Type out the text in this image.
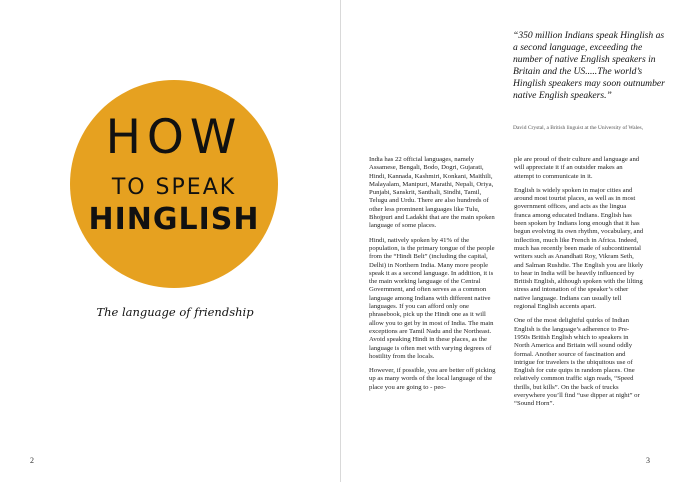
HOW
TO SPEAK
HINGLISH
The language of friendship
2

“350 million Indians speak Hinglish as a second language, exceeding the number of native English speakers in Britain and the US.....The world’s Hinglish speakers may soon outnumber native English speakers.”

David Crystal, a British linguist at the University of Wales,

India has 22 official languages, namely Assamese, Bengali, Bodo, Dogri, Gujarati, Hindi, Kannada, Kashmiri, Konkani, Maithili, Malayalam, Manipuri, Marathi, Nepali, Oriya, Punjabi, Sanskrit, Santhali, Sindhi, Tamil, Telugu and Urdu. There are also hundreds of other less prominent languages like Tulu, Bhojpuri and Ladakhi that are the main spoken language of some places.

Hindi, natively spoken by 41% of the population, is the primary tongue of the people from the “Hindi Belt” (including the capital, Delhi) in Northern India. Many more people speak it as a second language. In addition, it is the main working language of the Central Government, and often serves as a common language among Indians with different native languages. If you can afford only one phrasebook, pick up the Hindi one as it will allow you to get by in most of India. The main exceptions are Tamil Nadu and the Northeast. Avoid speaking Hindi in these places, as the language is often met with varying degrees of hostility from the locals.

However, if possible, you are better off picking up as many words of the local language of the place you are going to - peo-

ple are proud of their culture and language and will appreciate it if an outsider makes an attempt to communicate in it.

English is widely spoken in major cities and around most tourist places, as well as in most government offices, and acts as the lingua franca among educated Indians. English has been spoken by Indians long enough that it has begun evolving its own rhythm, vocabulary, and inflection, much like French in Africa. Indeed, much has recently been made of subcontinental writers such as Anandhati Roy, Vikram Seth, and Salman Rushdie. The English you are likely to hear in India will be heavily influenced by British English, although spoken with the lilting stress and intonation of the speaker’s other native language. Indians can usually tell regional English accents apart.

One of the most delightful quirks of Indian English is the language’s adherence to Pre-1950s British English which to speakers in North America and Britain will sound oddly formal. Another source of fascination and intrigue for travelers is the ubiquitous use of English for cute quips in random places. One relatively common traffic sign reads, “Speed thrills, but kills”. On the back of trucks everywhere you’ll find “use dipper at night” or “Sound Horn”.

3
